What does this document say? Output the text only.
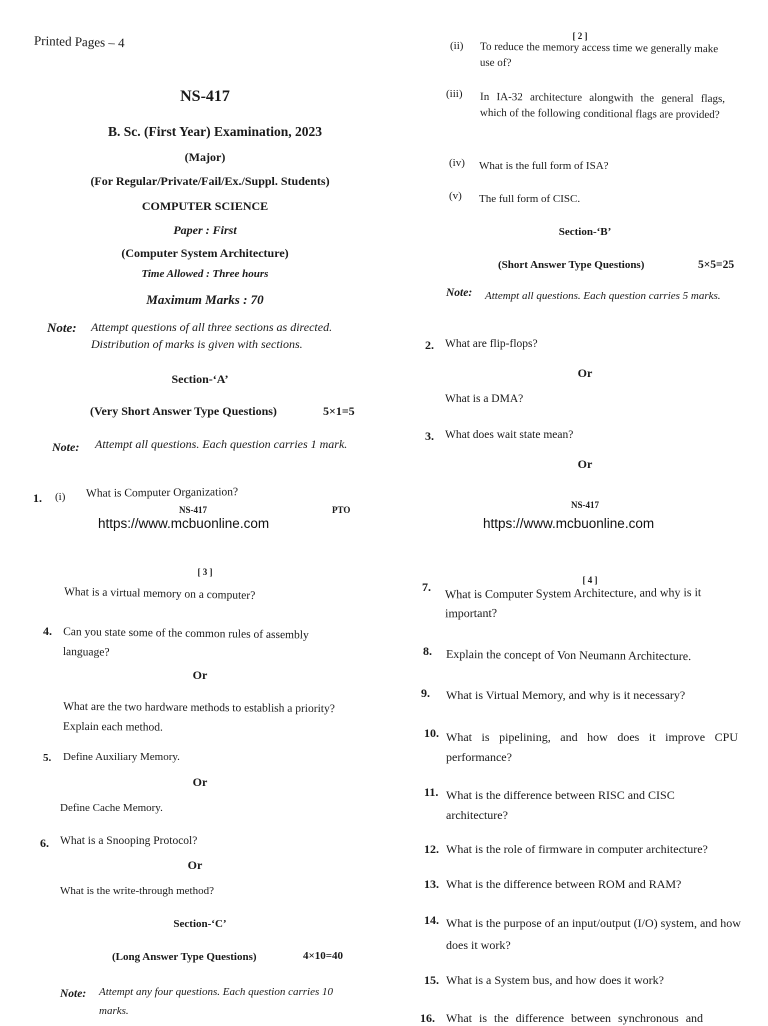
Printed Pages – 4
NS-417
B. Sc. (First Year) Examination, 2023
(Major)
(For Regular/Private/Fail/Ex./Suppl. Students)
COMPUTER SCIENCE
Paper : First
(Computer System Architecture)
Time Allowed : Three hours
Maximum Marks : 70
Note: Attempt questions of all three sections as directed. Distribution of marks is given with sections.
Section-‘A’
(Very Short Answer Type Questions)	5×1=5
Note: Attempt all questions. Each question carries 1 mark.
1. (i) What is Computer Organization?
NS-417	PTO
https://www.mcbuonline.com
[ 2 ]
(ii) To reduce the memory access time we generally make use of?
(iii) In IA-32 architecture alongwith the general flags, which of the following conditional flags are provided?
(iv) What is the full form of ISA?
(v) The full form of CISC.
Section-‘B’
(Short Answer Type Questions)	5×5=25
Note: Attempt all questions. Each question carries 5 marks.
2. What are flip-flops?
Or
What is a DMA?
3. What does wait state mean?
Or
NS-417
https://www.mcbuonline.com
[ 3 ]
What is a virtual memory on a computer?
4. Can you state some of the common rules of assembly language?
Or
What are the two hardware methods to establish a priority? Explain each method.
5. Define Auxiliary Memory.
Or
Define Cache Memory.
6. What is a Snooping Protocol?
Or
What is the write-through method?
Section-‘C’
(Long Answer Type Questions)	4×10=40
Note: Attempt any four questions. Each question carries 10 marks.
[ 4 ]
7. What is Computer System Architecture, and why is it important?
8. Explain the concept of Von Neumann Architecture.
9. What is Virtual Memory, and why is it necessary?
10. What is pipelining, and how does it improve CPU performance?
11. What is the difference between RISC and CISC architecture?
12. What is the role of firmware in computer architecture?
13. What is the difference between ROM and RAM?
14. What is the purpose of an input/output (I/O) system, and how does it work?
15. What is a System bus, and how does it work?
16. What is the difference between synchronous and
